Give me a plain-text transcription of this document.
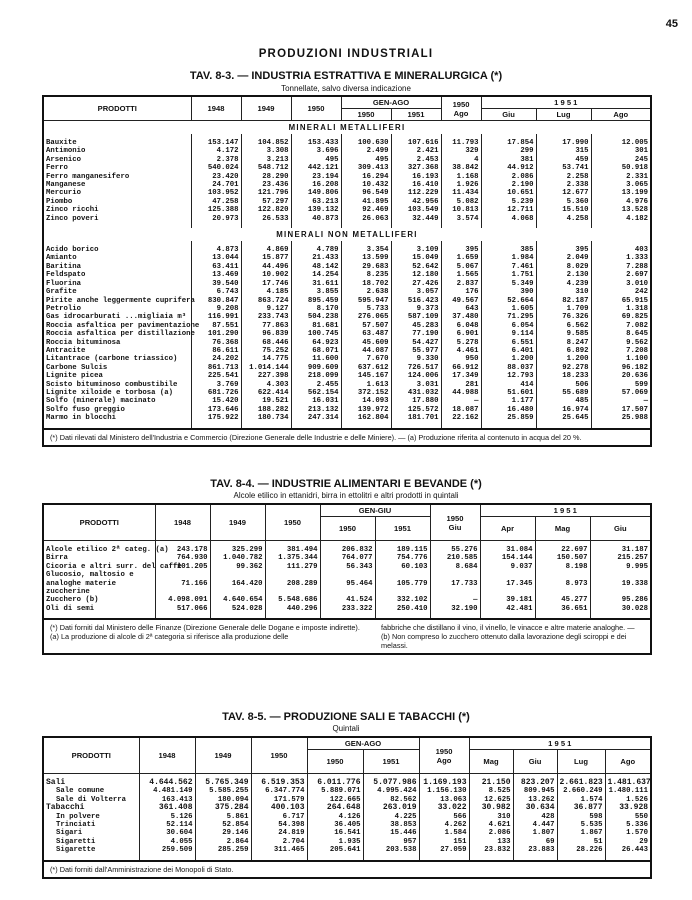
45
PRODUZIONI INDUSTRIALI
TAV. 8-3. — INDUSTRIA ESTRATTIVA E MINERALURGICA (*)
Tonnellate, salvo diversa indicazione
PRODOTTI	1948	1949	1950	GEN-AGO		1950
Ago	1 9 5 1		
				1950	1951		Giu	Lug	Ago
MINERALI METALLIFERI									

Bauxite	153.147	104.852	153.433	100.630	107.616	11.793	17.854	17.990	12.005
Antimonio	4.172	3.308	3.696	2.499	2.421	329	299	315	301
Arsenico	2.378	3.213	495	495	2.453	4	381	459	245
Ferro	540.024	548.712	442.121	309.413	327.368	38.842	44.912	53.741	50.918
Ferro manganesifero	23.420	28.290	23.194	16.294	16.193	1.168	2.086	2.258	2.331
Manganese	24.701	23.436	16.208	10.432	16.410	1.926	2.190	2.338	3.065
Mercurio	103.952	121.796	149.806	96.549	112.229	11.434	10.651	12.677	13.199
Piombo	47.258	57.297	63.213	41.895	42.956	5.082	5.239	5.360	4.976
Zinco ricchi	125.388	122.820	139.132	92.469	103.549	10.813	12.711	15.510	13.528
Zinco poveri	20.973	26.533	40.873	26.063	32.449	3.574	4.068	4.258	4.182

MINERALI NON METALLIFERI									

Acido borico	4.873	4.869	4.789	3.354	3.109	395	385	395	403
Amianto	13.044	15.877	21.433	13.599	15.049	1.659	1.984	2.049	1.333
Baritina	63.411	44.496	48.142	29.683	52.642	5.067	7.461	8.029	7.288
Feldspato	13.469	10.902	14.254	8.235	12.180	1.565	1.751	2.130	2.697
Fluorina	39.540	17.746	31.611	18.702	27.426	2.837	5.349	4.239	3.010
Grafite	6.743	4.185	3.855	2.638	3.057	176	390	310	242
Pirite anche leggermente cuprifera	830.847	863.724	895.459	595.947	516.423	49.567	52.664	82.187	65.915
Petrolio	9.208	9.127	8.170	5.733	9.373	643	1.605	1.709	1.318
Gas idrocarburati ...migliaia m³	116.991	233.743	504.238	276.065	587.109	37.480	71.295	76.326	69.825
Roccia asfaltica per pavimentazione	87.551	77.863	81.681	57.507	45.283	6.048	6.054	6.562	7.082
Roccia asfaltica per distillazione	101.290	96.839	100.745	63.487	77.190	6.901	9.114	9.585	8.645
Roccia bituminosa	76.368	68.446	64.923	45.609	54.427	5.278	6.551	8.247	9.562
Antracite	86.611	75.252	68.071	44.087	55.977	4.461	6.401	6.892	7.208
Litantrace (carbone triassico)	24.202	14.775	11.600	7.670	9.330	950	1.200	1.200	1.100
Carbone Sulcis	861.713	1.014.144	909.609	637.612	726.517	66.912	88.037	92.278	96.182
Lignite picea	225.541	227.398	218.099	145.167	124.006	17.349	12.793	18.233	20.636
Scisto bituminoso combustibile	3.769	4.303	2.455	1.613	3.031	281	414	506	599
Lignite xiloide e torbosa (a)	681.726	622.414	562.154	372.152	431.032	44.988	51.601	55.689	57.069
Solfo (minerale) macinato	15.420	19.521	16.031	14.093	17.880	—	1.177	485	—
Solfo fuso greggio	173.646	188.282	213.132	139.972	125.572	18.087	16.480	16.974	17.507
Marmo in blocchi	175.922	180.734	247.314	162.804	181.701	22.162	25.859	25.645	25.988

(*) Dati rilevati dal Ministero dell'Industria e Commercio (Direzione Generale delle Industrie e delle Miniere). — (a) Produzione riferita al contenuto in acqua del 20 %.									
TAV. 8-4. — INDUSTRIE ALIMENTARI E BEVANDE (*)
Alcole etilico in ettanidri, birra in ettolitri e altri prodotti in quintali
PRODOTTI	1948	1949	1950	GEN-GIU		1950
Giu	1 9 5 1		
				1950	1951		Apr	Mag	Giu

Alcole etilico 2ª categ. (a)	243.178	325.299	381.494	206.832	189.115	55.276	31.084	22.697	31.187
Birra	764.930	1.040.782	1.375.344	764.077	754.776	210.585	154.144	150.507	215.257
Cicoria e altri surr. del caffè	101.205	99.362	111.279	56.343	60.103	8.684	9.037	8.198	9.995
Glucosio, maltosio e analoghe materie zuccherine	71.166	164.420	208.289	95.464	105.779	17.733	17.345	8.973	19.338
Zucchero (b)	4.098.091	4.640.654	5.548.686	41.524	332.102	—	39.181	45.277	95.286
Oli di semi	517.066	524.028	440.296	233.322	250.410	32.190	42.481	36.651	30.028

(*) Dati forniti dal Ministero delle Finanze (Direzione Generale delle Dogane e imposte indirette). (a) La produzione di alcole di 2ª categoria si riferisce alla produzione delle					fabbriche che distillano il vino, il vinello, le vinacce e altre materie analoghe. — (b) Non compreso lo zucchero ottenuto dalla lavorazione degli sciroppi e dei melassi.				
TAV. 8-5. — PRODUZIONE SALI E TABACCHI (*)
Quintali
PRODOTTI	1948	1949	1950	GEN-AGO		1950
Ago	1 9 5 1			
				1950	1951		Mag	Giu	Lug	Ago

Sali	4.644.562	5.765.349	6.519.353	6.011.776	5.077.986	1.169.193	21.150	823.207	2.661.823	1.481.637
Sale comune	4.481.149	5.585.255	6.347.774	5.889.071	4.995.424	1.156.130	8.525	809.945	2.660.249	1.480.111
Sale di Volterra	163.413	180.094	171.579	122.665	82.562	13.063	12.625	13.262	1.574	1.526
Tabacchi	361.408	375.284	400.103	264.648	263.019	33.022	30.982	30.634	36.877	33.928
In polvere	5.126	5.861	6.717	4.126	4.225	566	310	428	598	550
Trinciati	52.114	52.854	54.398	36.405	38.853	4.262	4.621	4.447	5.535	5.336
Sigari	30.604	29.146	24.819	16.541	15.446	1.584	2.086	1.807	1.867	1.570
Sigaretti	4.055	2.864	2.704	1.935	957	151	133	69	51	29
Sigarette	259.509	285.259	311.465	205.641	203.538	27.059	23.832	23.883	28.226	26.443

(*) Dati forniti dall'Amministrazione dei Monopoli di Stato.										
